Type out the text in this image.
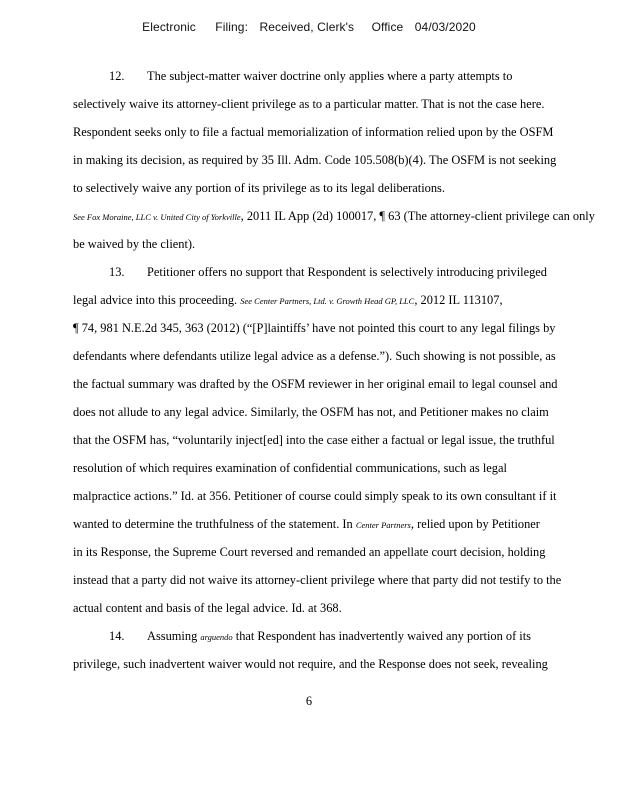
Electronic Filing: Received, Clerk's Office 04/03/2020
12. The subject-matter waiver doctrine only applies where a party attempts to
selectively waive its attorney-client privilege as to a particular matter. That is not the case here.
Respondent seeks only to file a factual memorialization of information relied upon by the OSFM
in making its decision, as required by 35 Ill. Adm. Code 105.508(b)(4). The OSFM is not seeking
to selectively waive any portion of its privilege as to its legal deliberations.
See Fox Moraine, LLC v. United City of Yorkville, 2011 IL App (2d) 100017, ¶ 63 (The attorney-client privilege can only
be waived by the client).
13. Petitioner offers no support that Respondent is selectively introducing privileged
legal advice into this proceeding. See Center Partners, Ltd. v. Growth Head GP, LLC, 2012 IL 113107,
¶ 74, 981 N.E.2d 345, 363 (2012) (“[P]laintiffs’ have not pointed this court to any legal filings by
defendants where defendants utilize legal advice as a defense.”). Such showing is not possible, as
the factual summary was drafted by the OSFM reviewer in her original email to legal counsel and
does not allude to any legal advice. Similarly, the OSFM has not, and Petitioner makes no claim
that the OSFM has, “voluntarily inject[ed] into the case either a factual or legal issue, the truthful
resolution of which requires examination of confidential communications, such as legal
malpractice actions.” Id. at 356. Petitioner of course could simply speak to its own consultant if it
wanted to determine the truthfulness of the statement. In Center Partners, relied upon by Petitioner
in its Response, the Supreme Court reversed and remanded an appellate court decision, holding
instead that a party did not waive its attorney-client privilege where that party did not testify to the
actual content and basis of the legal advice. Id. at 368.
14. Assuming arguendo that Respondent has inadvertently waived any portion of its
privilege, such inadvertent waiver would not require, and the Response does not seek, revealing
6
